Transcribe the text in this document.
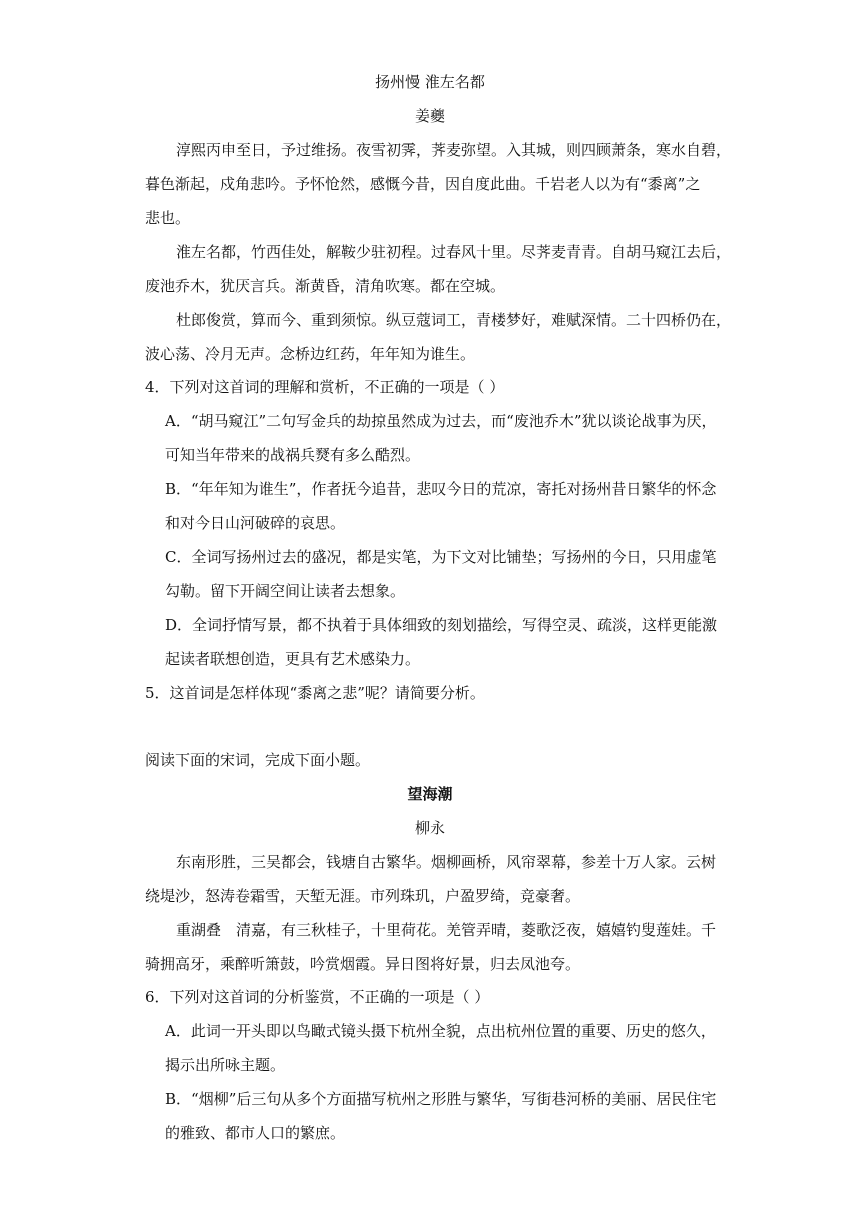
扬州慢 淮左名都
姜夔
淳熙丙申至日，予过维扬。夜雪初霁，荠麦弥望。入其城，则四顾萧条，寒水自碧，
暮色渐起，戍角悲吟。予怀怆然，感慨今昔，因自度此曲。千岩老人以为有“黍离”之
悲也。
淮左名都，竹西佳处，解鞍少驻初程。过春风十里。尽荠麦青青。自胡马窥江去后，
废池乔木，犹厌言兵。渐黄昏，清角吹寒。都在空城。
杜郎俊赏，算而今、重到须惊。纵豆蔻词工，青楼梦好，难赋深情。二十四桥仍在，
波心荡、冷月无声。念桥边红药，年年知为谁生。
4．下列对这首词的理解和赏析，不正确的一项是（ ）
A．“胡马窥江”二句写金兵的劫掠虽然成为过去，而“废池乔木”犹以谈论战事为厌，
可知当年带来的战祸兵燹有多么酷烈。
B．“年年知为谁生”，作者抚今追昔，悲叹今日的荒凉，寄托对扬州昔日繁华的怀念
和对今日山河破碎的哀思。
C．全词写扬州过去的盛况，都是实笔，为下文对比铺垫；写扬州的今日，只用虚笔
勾勒。留下开阔空间让读者去想象。
D．全词抒情写景，都不执着于具体细致的刻划描绘，写得空灵、疏淡，这样更能激
起读者联想创造，更具有艺术感染力。
5．这首词是怎样体现“黍离之悲”呢？请简要分析。
阅读下面的宋词，完成下面小题。
望海潮
柳永
东南形胜，三吴都会，钱塘自古繁华。烟柳画桥，风帘翠幕，参差十万人家。云树
绕堤沙，怒涛卷霜雪，天堑无涯。市列珠玑，户盈罗绮，竞豪奢。
重湖叠　清嘉，有三秋桂子，十里荷花。羌管弄晴，菱歌泛夜，嬉嬉钓叟莲娃。千
骑拥高牙，乘醉听箫鼓，吟赏烟霞。异日图将好景，归去凤池夸。
6．下列对这首词的分析鉴赏，不正确的一项是（ ）
A．此词一开头即以鸟瞰式镜头摄下杭州全貌，点出杭州位置的重要、历史的悠久，
揭示出所咏主题。
B．“烟柳”后三句从多个方面描写杭州之形胜与繁华，写街巷河桥的美丽、居民住宅
的雅致、都市人口的繁庶。
